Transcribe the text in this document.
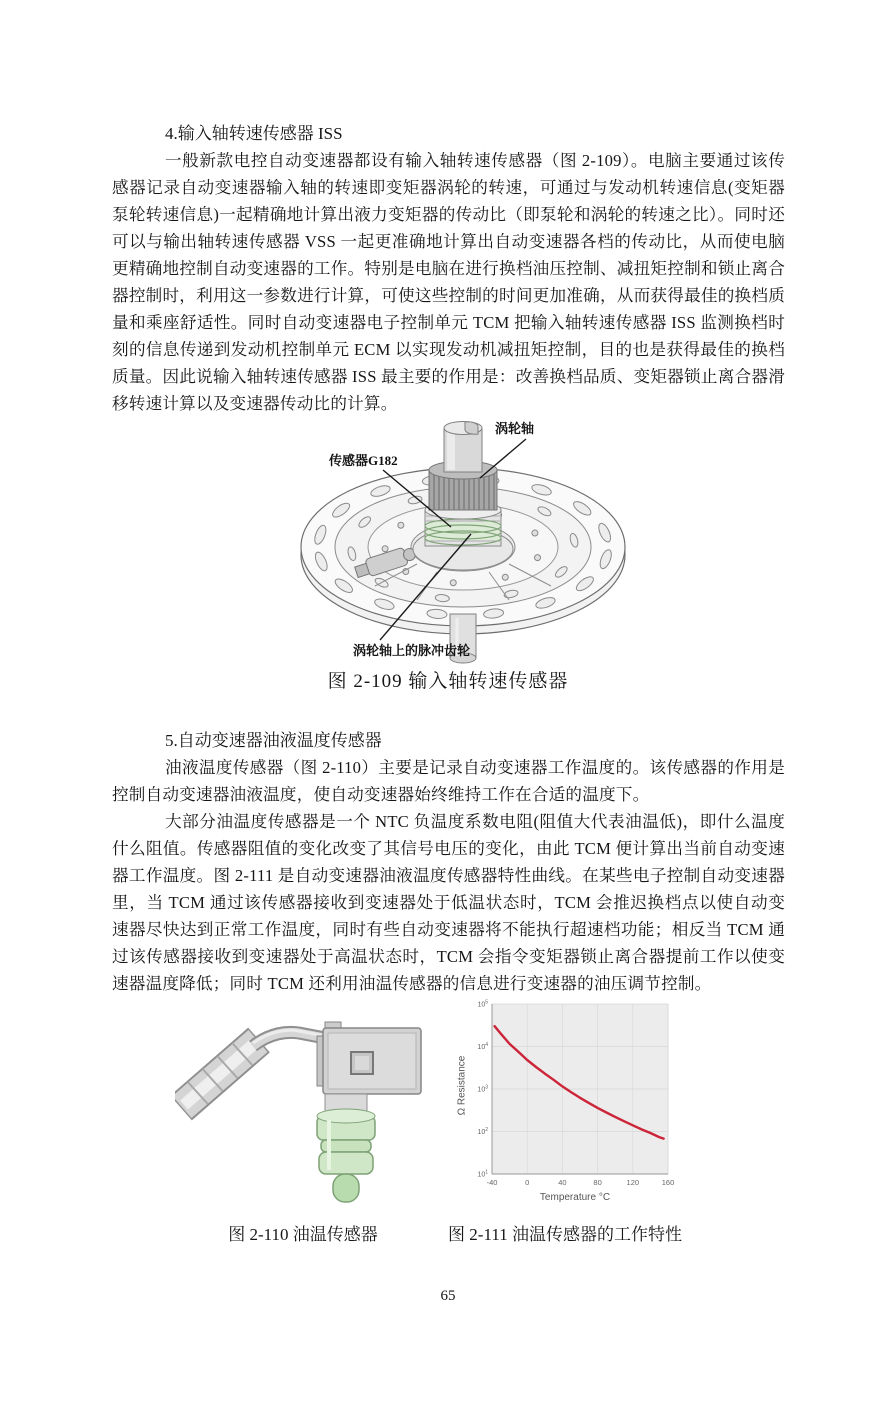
4.输入轴转速传感器 ISS
一般新款电控自动变速器都设有输入轴转速传感器（图 2-109）。电脑主要通过该传感器记录自动变速器输入轴的转速即变矩器涡轮的转速，可通过与发动机转速信息(变矩器泵轮转速信息)一起精确地计算出液力变矩器的传动比（即泵轮和涡轮的转速之比）。同时还可以与输出轴转速传感器 VSS 一起更准确地计算出自动变速器各档的传动比，从而使电脑更精确地控制自动变速器的工作。特别是电脑在进行换档油压控制、减扭矩控制和锁止离合器控制时，利用这一参数进行计算，可使这些控制的时间更加准确，从而获得最佳的换档质量和乘座舒适性。同时自动变速器电子控制单元 TCM 把输入轴转速传感器 ISS 监测换档时刻的信息传递到发动机控制单元 ECM 以实现发动机减扭矩控制，目的也是获得最佳的换档质量。因此说输入轴转速传感器 ISS 最主要的作用是：改善换档品质、变矩器锁止离合器滑移转速计算以及变速器传动比的计算。
涡轮轴
传感器G182
涡轮轴上的脉冲齿轮
图 2-109 输入轴转速传感器
5.自动变速器油液温度传感器
油液温度传感器（图 2-110）主要是记录自动变速器工作温度的。该传感器的作用是控制自动变速器油液温度，使自动变速器始终维持工作在合适的温度下。
大部分油温度传感器是一个 NTC 负温度系数电阻(阻值大代表油温低)，即什么温度什么阻值。传感器阻值的变化改变了其信号电压的变化，由此 TCM 便计算出当前自动变速器工作温度。图 2-111 是自动变速器油液温度传感器特性曲线。在某些电子控制自动变速器里，当 TCM 通过该传感器接收到变速器处于低温状态时，TCM 会推迟换档点以使自动变速器尽快达到正常工作温度，同时有些自动变速器将不能执行超速档功能；相反当 TCM 通过该传感器接收到变速器处于高温状态时，TCM 会指令变矩器锁止离合器提前工作以使变速器温度降低；同时 TCM 还利用油温传感器的信息进行变速器的油压调节控制。
Ω Resistance
-40	0	40	80	120	160
$10^5$
$10^4$
$10^3$
$10^2$
$10^1$
Temperature °C
图 2-110 油温传感器	图 2-111 油温传感器的工作特性
65
